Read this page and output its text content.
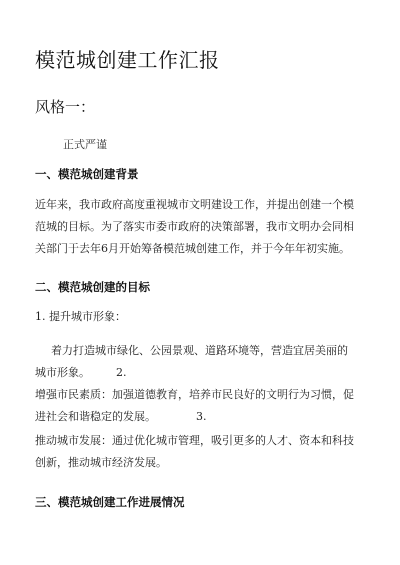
模范城创建工作汇报
风格一：
正式严谨
一、模范城创建背景
近年来，我市政府高度重视城市文明建设工作，并提出创建一个模
范城的目标。为了落实市委市政府的决策部署，我市文明办会同相
关部门于去年6月开始筹备模范城创建工作，并于今年年初实施。
二、模范城创建的目标
1. 提升城市形象：
着力打造城市绿化、公园景观、道路环境等，营造宜居美丽的
城市形象。 2.
增强市民素质：加强道德教育，培养市民良好的文明行为习惯，促
进社会和谐稳定的发展。	3.
推动城市发展：通过优化城市管理，吸引更多的人才、资本和科技
创新，推动城市经济发展。
三、模范城创建工作进展情况
